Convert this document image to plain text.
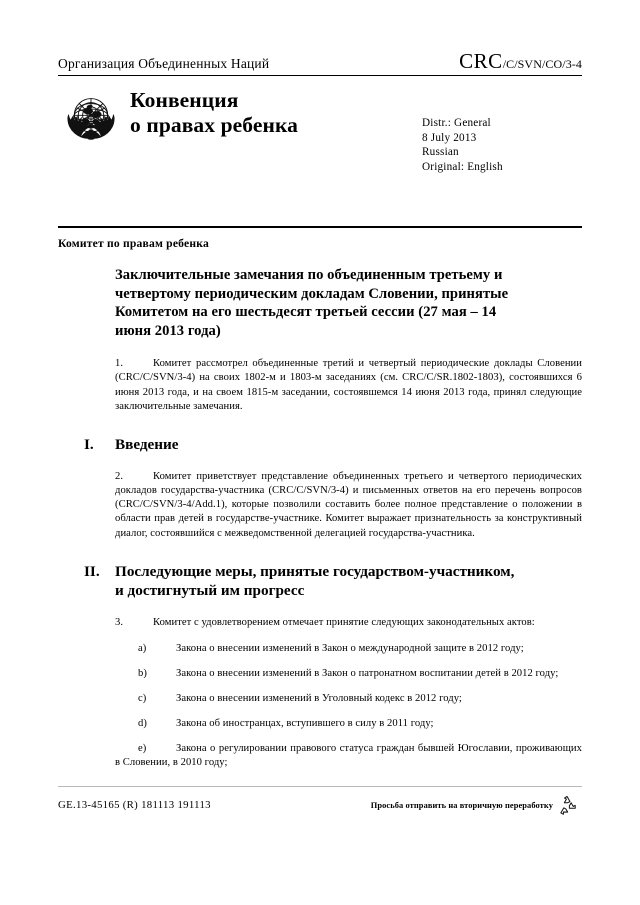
Организация Объединенных Наций	CRC/C/SVN/CO/3-4
Конвенция
о правах ребенка	Distr.: General
8 July 2013
Russian
Original: English
Комитет по правам ребенка
Заключительные замечания по объединенным третьему и четвертому периодическим докладам Словении, принятые Комитетом на его шестьдесят третьей сессии (27 мая – 14 июня 2013 года)
1.	Комитет рассмотрел объединенные третий и четвертый периодические доклады Словении (CRC/C/SVN/3-4) на своих 1802-м и 1803-м заседаниях (см. CRC/C/SR.1802-1803), состоявшихся 6 июня 2013 года, и на своем 1815-м заседании, состоявшемся 14 июня 2013 года, принял следующие заключительные замечания.
I.	Введение
2.	Комитет приветствует представление объединенных третьего и четвертого периодических докладов государства-участника (CRC/C/SVN/3-4) и письменных ответов на его перечень вопросов (CRC/C/SVN/3-4/Add.1), которые позволили составить более полное представление о положении в области прав детей в государстве-участнике. Комитет выражает признательность за конструктивный диалог, состоявшийся с межведомственной делегацией государства-участника.
II.	Последующие меры, принятые государством-участником, и достигнутый им прогресс
3.	Комитет с удовлетворением отмечает принятие следующих законодательных актов:
a)	Закона о внесении изменений в Закон о международной защите в 2012 году;
b)	Закона о внесении изменений в Закон о патронатном воспитании детей в 2012 году;
c)	Закона о внесении изменений в Уголовный кодекс в 2012 году;
d)	Закона об иностранцах, вступившего в силу в 2011 году;
e)	Закона о регулировании правового статуса граждан бывшей Югославии, проживающих в Словении, в 2010 году;
GE.13-45165 (R) 181113 191113	Просьба отправить на вторичную переработку
